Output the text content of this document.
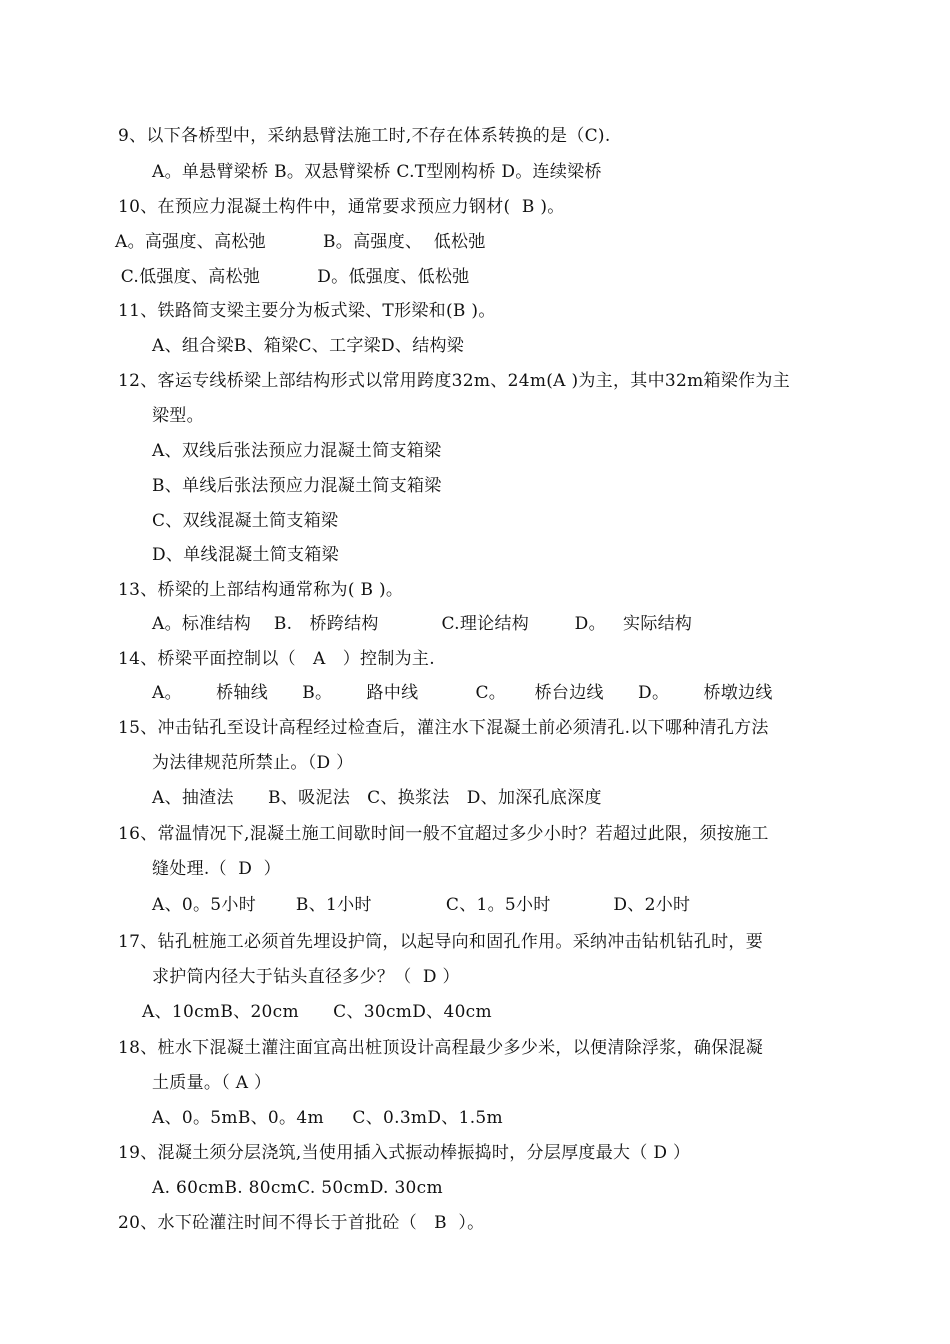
9、以下各桥型中，采纳悬臂法施工时,不存在体系转换的是（C).
A。单悬臂梁桥 B。双悬臂梁桥 C.T型刚构桥 D。连续梁桥
10、在预应力混凝土构件中，通常要求预应力钢材(  B )。
A。高强度、高松弛          B。高强度、  低松弛
C.低强度、高松弛          D。低强度、低松弛
11、铁路简支梁主要分为板式梁、T形梁和(B )。
A、组合梁B、箱梁C、工字梁D、结构梁
12、客运专线桥梁上部结构形式以常用跨度32m、24m(A )为主，其中32m箱梁作为主
梁型。
A、双线后张法预应力混凝土简支箱梁
B、单线后张法预应力混凝土简支箱梁
C、双线混凝土简支箱梁
D、单线混凝土简支箱梁
13、桥梁的上部结构通常称为( B )。
A。标准结构    B.   桥跨结构           C.理论结构        D。   实际结构
14、桥梁平面控制以（   A   ）控制为主.
A。      桥轴线      B。      路中线          C。     桥台边线      D。      桥墩边线
15、冲击钻孔至设计高程经过检查后，灌注水下混凝土前必须清孔.以下哪种清孔方法
为法律规范所禁止。（D ）
A、抽渣法      B、吸泥法   C、换浆法   D、加深孔底深度
16、常温情况下,混凝土施工间歇时间一般不宜超过多少小时？若超过此限，须按施工
缝处理.（  D  ）
A、0。5小时       B、1小时             C、1。5小时           D、2小时
17、钻孔桩施工必须首先埋设护筒，以起导向和固孔作用。采纳冲击钻机钻孔时，要
求护筒内径大于钻头直径多少？（  D ）
A、10cmB、20cm      C、30cmD、40cm
18、桩水下混凝土灌注面宜高出桩顶设计高程最少多少米，以便清除浮浆，确保混凝
土质量。（ A ）
A、0。5mB、0。4m     C、0.3mD、1.5m
19、混凝土须分层浇筑,当使用插入式振动棒振捣时，分层厚度最大（ D ）
A. 60cmB. 80cmC. 50cmD. 30cm
20、水下砼灌注时间不得长于首批砼（   B  ）。
